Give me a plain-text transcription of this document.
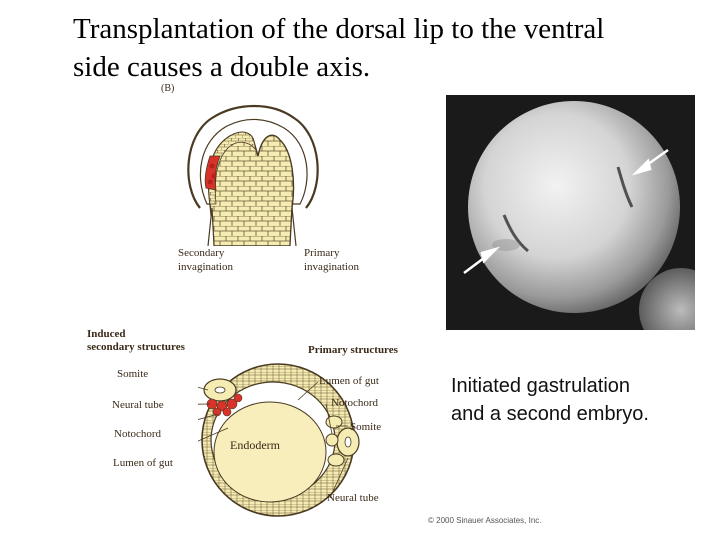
Transplantation of the dorsal lip to the ventral
side causes a double axis.
(B)
Secondary
invagination
Primary
invagination
Induced
secondary structures	Primary structures
Somite
Neural tube
Notochord
Lumen of gut
Lumen of gut
Notochord
Somite
Neural tube
Endoderm
Initiated gastrulation
and a second embryo.
© 2000 Sinauer Associates, Inc.
